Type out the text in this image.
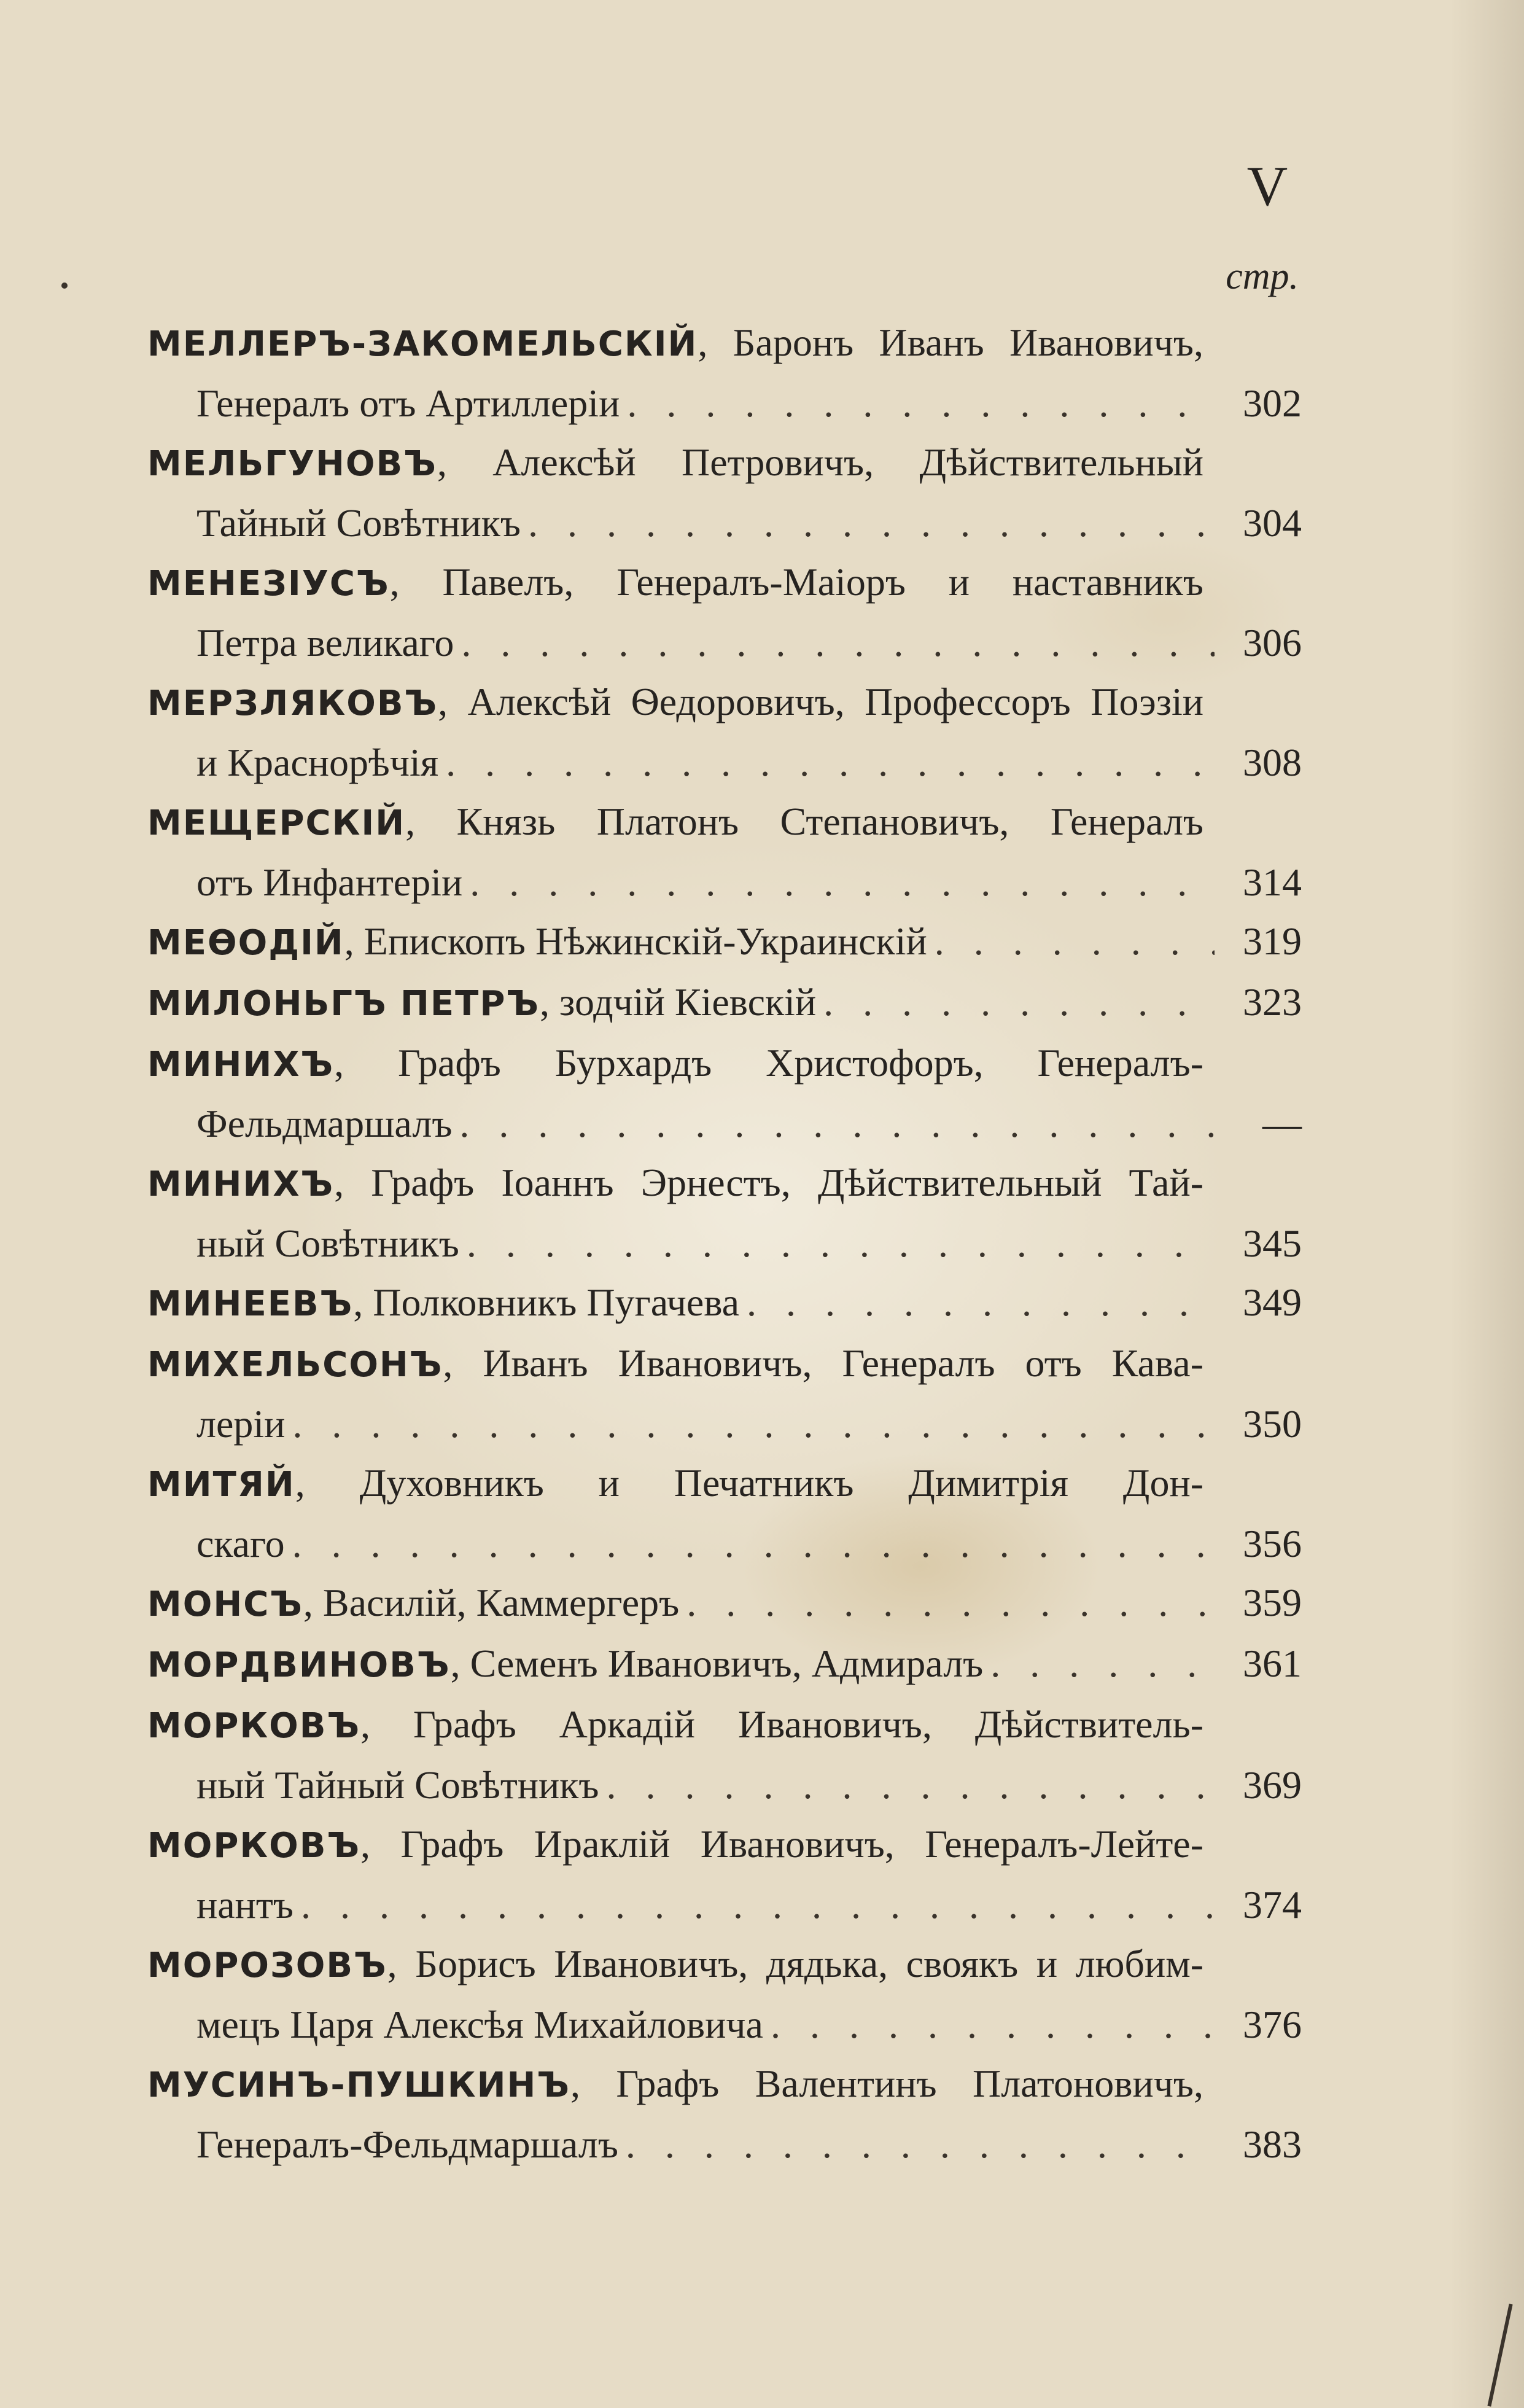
V
стр.
МЕЛЛЕРЪ-ЗАКОМЕЛЬСКІЙ, Баронъ Иванъ Ивановичъ,
Генералъ отъ Артиллеріи . . .	302
МЕЛЬГУНОВЪ, Алексѣй Петровичъ, Дѣйствительный
Тайный Совѣтникъ . . .	304
МЕНЕЗІУСЪ, Павелъ, Генералъ-Маіоръ и наставникъ
Петра великаго . . .	306
МЕРЗЛЯКОВЪ, Алексѣй Ѳедоровичъ, Профессоръ Поэзіи
и Краснорѣчія . . .	308
МЕЩЕРСКІЙ, Князь Платонъ Степановичъ, Генералъ
отъ Инфантеріи . . .	314
МЕѲОДІЙ, Епископъ Нѣжинскій-Украинскій . . .	319
МИЛОНЬГЪ ПЕТРЪ, зодчій Кіевскій . . .	323
МИНИХЪ, Графъ Бурхардъ Христофоръ, Генералъ-
Фельдмаршалъ . . .	—
МИНИХЪ, Графъ Іоаннъ Эрнестъ, Дѣйствительный Тай-
ный Совѣтникъ . . .	345
МИНЕЕВЪ, Полковникъ Пугачева . . .	349
МИХЕЛЬСОНЪ, Иванъ Ивановичъ, Генералъ отъ Кава-
леріи . . .	350
МИТЯЙ, Духовникъ и Печатникъ Димитрія Дон-
скаго . . .	356
МОНСЪ, Василій, Каммергеръ . . .	359
МОРДВИНОВЪ, Семенъ Ивановичъ, Адмиралъ . . .	361
МОРКОВЪ, Графъ Аркадій Ивановичъ, Дѣйствитель-
ный Тайный Совѣтникъ . . .	369
МОРКОВЪ, Графъ Ираклій Ивановичъ, Генералъ-Лейте-
нантъ . . .	374
МОРОЗОВЪ, Борисъ Ивановичъ, дядька, своякъ и любим-
мецъ Царя Алексѣя Михайловича . . .	376
МУСИНЪ-ПУШКИНЪ, Графъ Валентинъ Платоновичъ,
Генералъ-Фельдмаршалъ . . .	383
